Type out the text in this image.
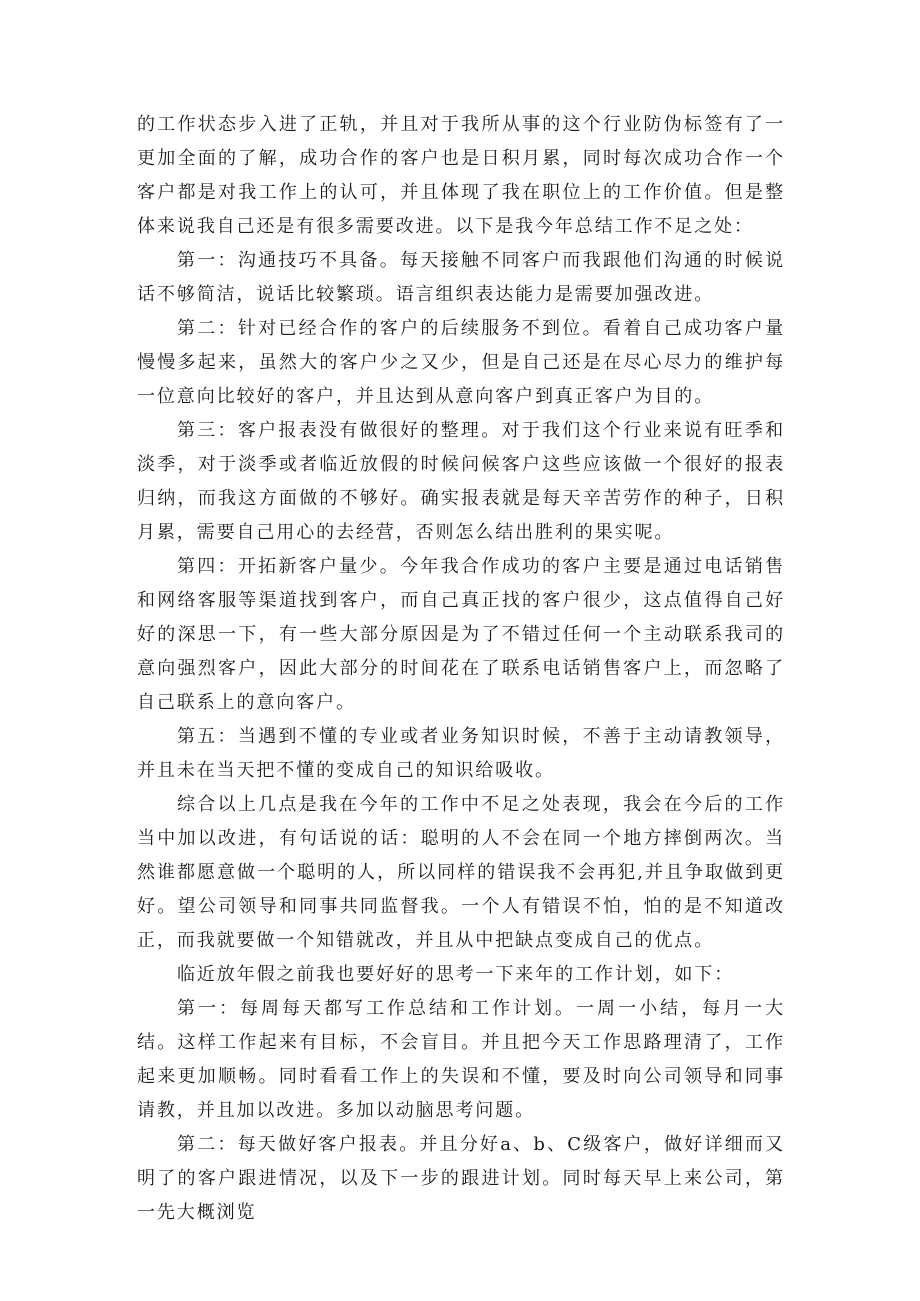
的工作状态步入进了正轨，并且对于我所从事的这个行业防伪标签有了一更加全面的了解，成功合作的客户也是日积月累，同时每次成功合作一个客户都是对我工作上的认可，并且体现了我在职位上的工作价值。但是整体来说我自己还是有很多需要改进。以下是我今年总结工作不足之处：

第一：沟通技巧不具备。每天接触不同客户而我跟他们沟通的时候说话不够简洁，说话比较繁琐。语言组织表达能力是需要加强改进。

第二：针对已经合作的客户的后续服务不到位。看着自己成功客户量慢慢多起来，虽然大的客户少之又少，但是自己还是在尽心尽力的维护每一位意向比较好的客户，并且达到从意向客户到真正客户为目的。

第三：客户报表没有做很好的整理。对于我们这个行业来说有旺季和淡季，对于淡季或者临近放假的时候问候客户这些应该做一个很好的报表归纳，而我这方面做的不够好。确实报表就是每天辛苦劳作的种子，日积月累，需要自己用心的去经营，否则怎么结出胜利的果实呢。

第四：开拓新客户量少。今年我合作成功的客户主要是通过电话销售和网络客服等渠道找到客户，而自己真正找的客户很少，这点值得自己好好的深思一下，有一些大部分原因是为了不错过任何一个主动联系我司的意向强烈客户，因此大部分的时间花在了联系电话销售客户上，而忽略了自己联系上的意向客户。

第五：当遇到不懂的专业或者业务知识时候，不善于主动请教领导，并且未在当天把不懂的变成自己的知识给吸收。

综合以上几点是我在今年的工作中不足之处表现，我会在今后的工作当中加以改进，有句话说的话：聪明的人不会在同一个地方摔倒两次。当然谁都愿意做一个聪明的人，所以同样的错误我不会再犯,并且争取做到更好。望公司领导和同事共同监督我。一个人有错误不怕，怕的是不知道改正，而我就要做一个知错就改，并且从中把缺点变成自己的优点。

临近放年假之前我也要好好的思考一下来年的工作计划，如下：

第一：每周每天都写工作总结和工作计划。一周一小结，每月一大结。这样工作起来有目标，不会盲目。并且把今天工作思路理清了，工作起来更加顺畅。同时看看工作上的失误和不懂，要及时向公司领导和同事请教，并且加以改进。多加以动脑思考问题。

第二：每天做好客户报表。并且分好a、b、C级客户，做好详细而又明了的客户跟进情况，以及下一步的跟进计划。同时每天早上来公司，第一先大概浏览
